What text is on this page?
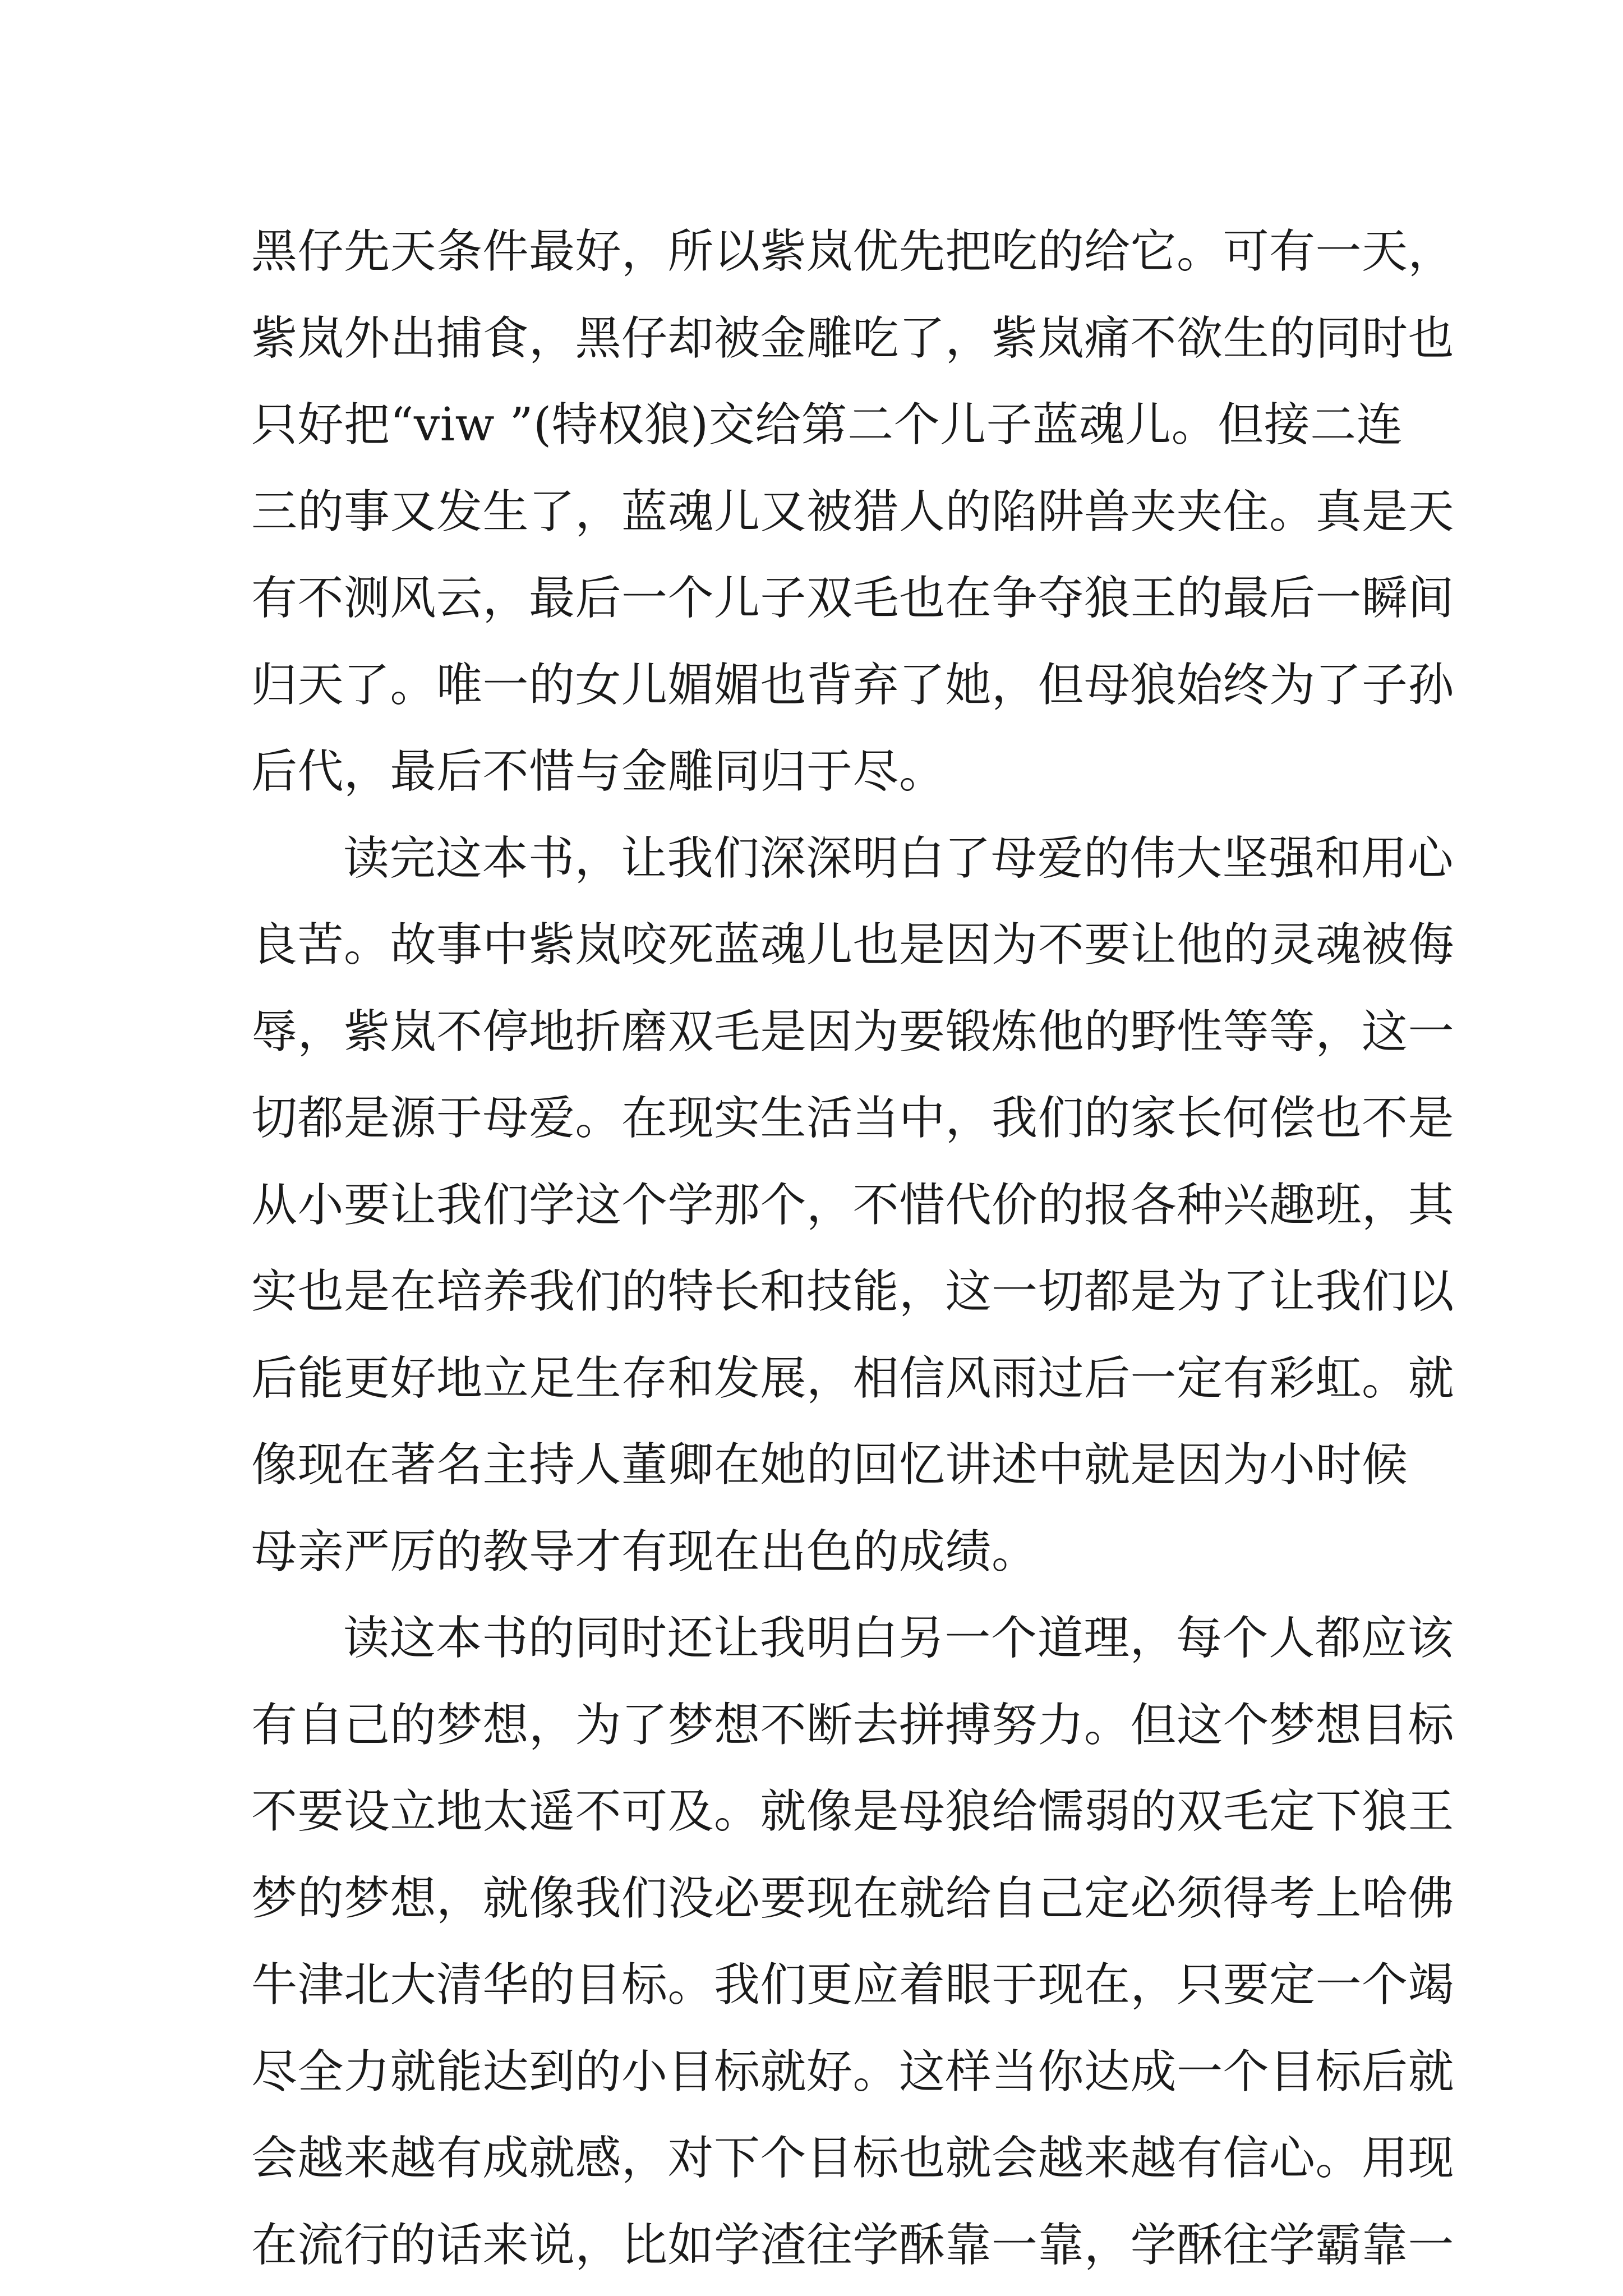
黑仔先天条件最好，所以紫岚优先把吃的给它。可有一天，
紫岚外出捕食，黑仔却被金雕吃了，紫岚痛不欲生的同时也
只好把“viw ”(特权狼)交给第二个儿子蓝魂儿。但接二连
三的事又发生了，蓝魂儿又被猎人的陷阱兽夹夹住。真是天
有不测风云，最后一个儿子双毛也在争夺狼王的最后一瞬间
归天了。唯一的女儿媚媚也背弃了她，但母狼始终为了子孙
后代，最后不惜与金雕同归于尽。
读完这本书，让我们深深明白了母爱的伟大坚强和用心
良苦。故事中紫岚咬死蓝魂儿也是因为不要让他的灵魂被侮
辱，紫岚不停地折磨双毛是因为要锻炼他的野性等等，这一
切都是源于母爱。在现实生活当中，我们的家长何偿也不是
从小要让我们学这个学那个，不惜代价的报各种兴趣班，其
实也是在培养我们的特长和技能，这一切都是为了让我们以
后能更好地立足生存和发展，相信风雨过后一定有彩虹。就
像现在著名主持人董卿在她的回忆讲述中就是因为小时候
母亲严厉的教导才有现在出色的成绩。
读这本书的同时还让我明白另一个道理，每个人都应该
有自己的梦想，为了梦想不断去拼搏努力。但这个梦想目标
不要设立地太遥不可及。就像是母狼给懦弱的双毛定下狼王
梦的梦想，就像我们没必要现在就给自己定必须得考上哈佛
牛津北大清华的目标。我们更应着眼于现在，只要定一个竭
尽全力就能达到的小目标就好。这样当你达成一个目标后就
会越来越有成就感，对下个目标也就会越来越有信心。用现
在流行的话来说，比如学渣往学酥靠一靠，学酥往学霸靠一
